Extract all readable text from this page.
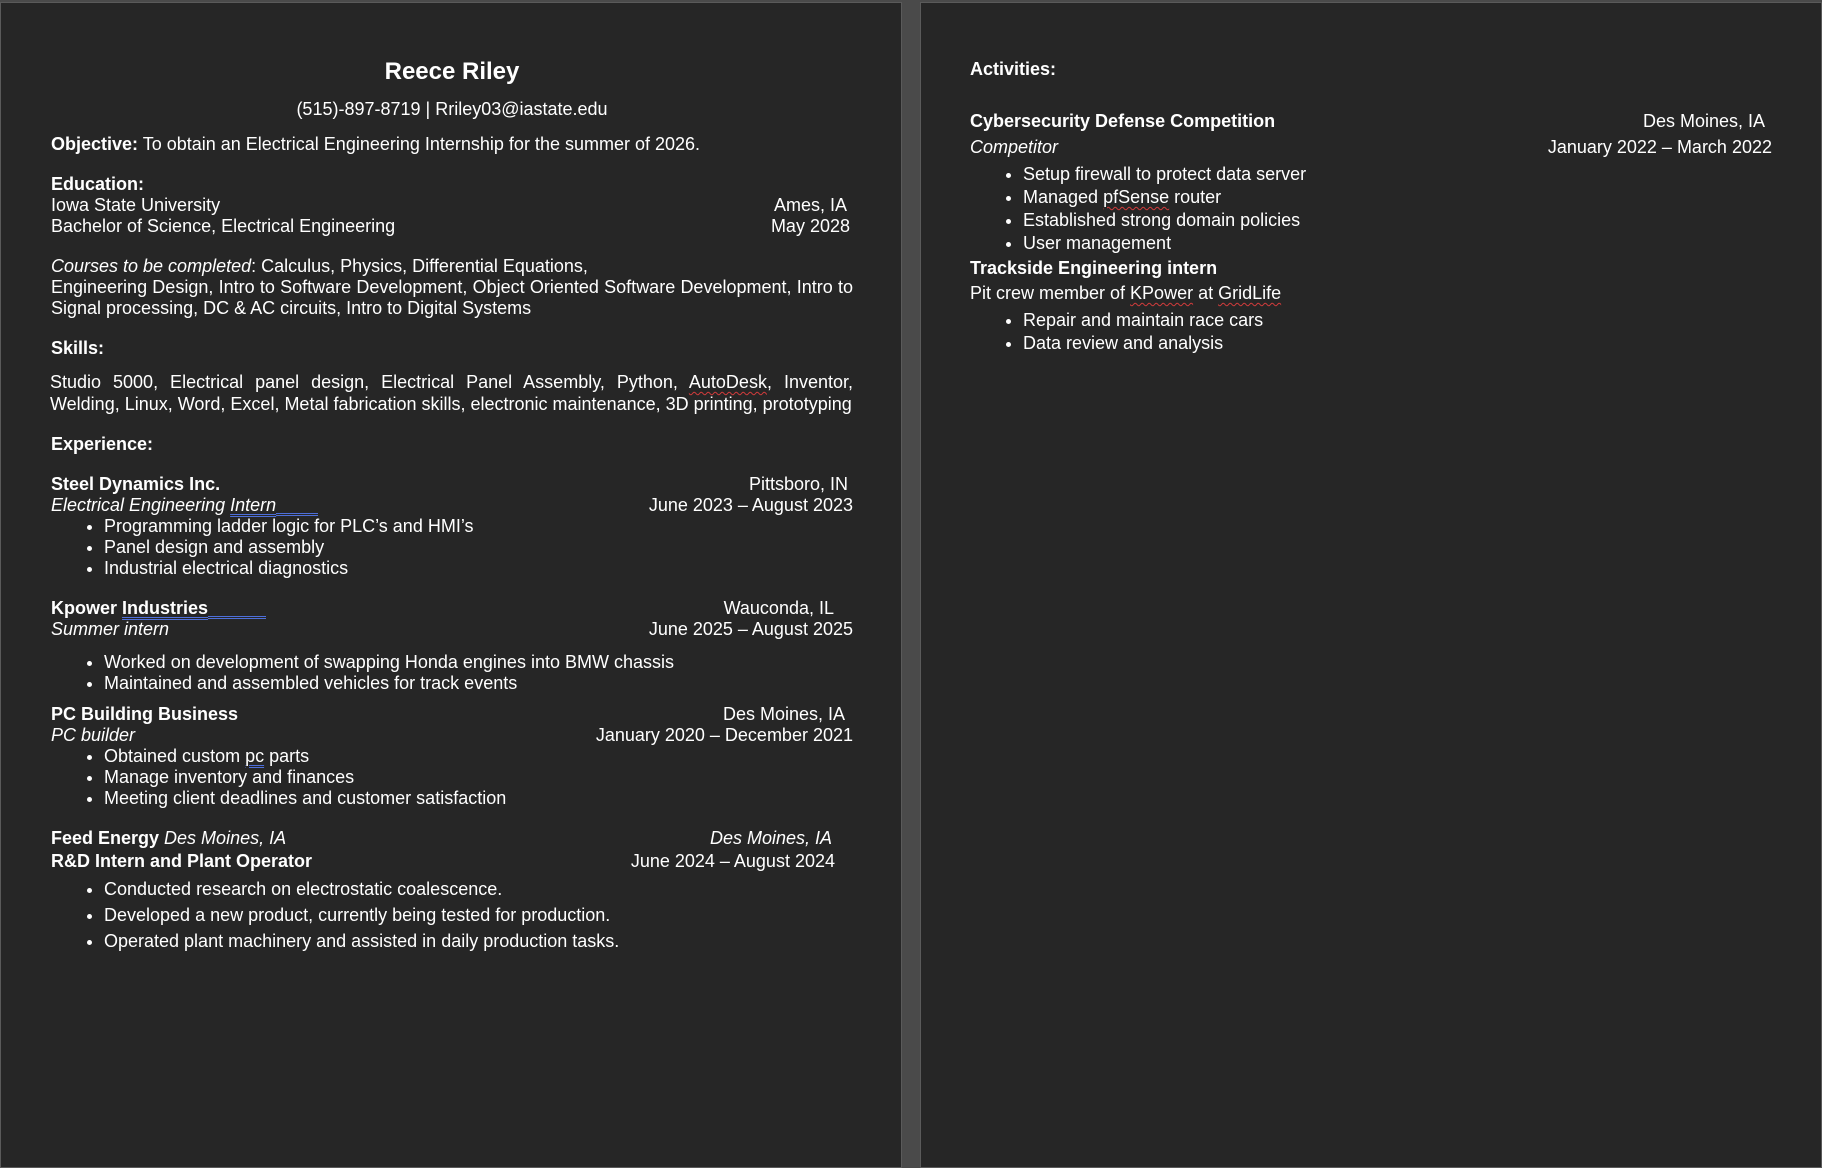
Reece Riley
(515)-897-8719 | Rriley03@iastate.edu
Objective: To obtain an Electrical Engineering Internship for the summer of 2026.
Education:
Iowa State University	Ames, IA
Bachelor of Science, Electrical Engineering	May 2028
Courses to be completed: Calculus, Physics, Differential Equations,
Engineering Design, Intro to Software Development, Object Oriented Software Development, Intro to Signal processing, DC & AC circuits, Intro to Digital Systems
Skills:
Studio 5000, Electrical panel design, Electrical Panel Assembly, Python, AutoDesk, Inventor, Welding, Linux, Word, Excel, Metal fabrication skills, electronic maintenance, 3D printing, prototyping
Experience:
Steel Dynamics Inc.	Pittsboro, IN
Electrical Engineering Intern	June 2023 – August 2023
• Programming ladder logic for PLC’s and HMI’s
• Panel design and assembly
• Industrial electrical diagnostics
Kpower Industries	Wauconda, IL
Summer intern	June 2025 – August 2025
• Worked on development of swapping Honda engines into BMW chassis
• Maintained and assembled vehicles for track events
PC Building Business	Des Moines, IA
PC builder	January 2020 – December 2021
• Obtained custom pc parts
• Manage inventory and finances
• Meeting client deadlines and customer satisfaction
Feed Energy Des Moines, IA	Des Moines, IA
R&D Intern and Plant Operator	June 2024 – August 2024
• Conducted research on electrostatic coalescence.
• Developed a new product, currently being tested for production.
• Operated plant machinery and assisted in daily production tasks.
Activities:
Cybersecurity Defense Competition	Des Moines, IA
Competitor	January 2022 – March 2022
• Setup firewall to protect data server
• Managed pfSense router
• Established strong domain policies
• User management
Trackside Engineering intern
Pit crew member of KPower at GridLife
• Repair and maintain race cars
• Data review and analysis
